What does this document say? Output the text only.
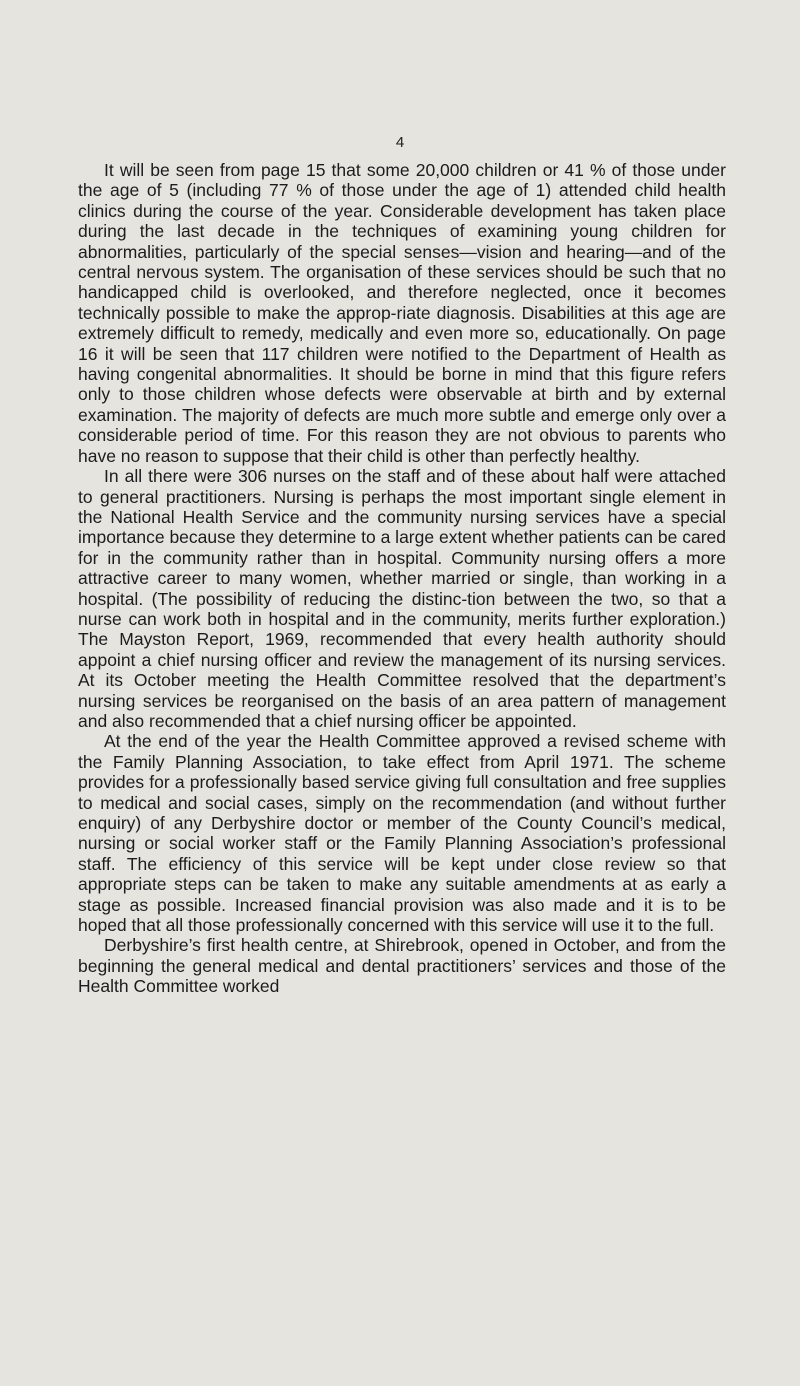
4

It will be seen from page 15 that some 20,000 children or 41 % of those under the age of 5 (including 77 % of those under the age of 1) attended child health clinics during the course of the year. Considerable development has taken place during the last decade in the techniques of examining young children for abnormalities, particularly of the special senses—vision and hearing—and of the central nervous system. The organisation of these services should be such that no handicapped child is overlooked, and therefore neglected, once it becomes technically possible to make the approp-riate diagnosis. Disabilities at this age are extremely difficult to remedy, medically and even more so, educationally. On page 16 it will be seen that 117 children were notified to the Department of Health as having congenital abnormalities. It should be borne in mind that this figure refers only to those children whose defects were observable at birth and by external examination. The majority of defects are much more subtle and emerge only over a considerable period of time. For this reason they are not obvious to parents who have no reason to suppose that their child is other than perfectly healthy.

In all there were 306 nurses on the staff and of these about half were attached to general practitioners. Nursing is perhaps the most important single element in the National Health Service and the community nursing services have a special importance because they determine to a large extent whether patients can be cared for in the community rather than in hospital. Community nursing offers a more attractive career to many women, whether married or single, than working in a hospital. (The possibility of reducing the distinc-tion between the two, so that a nurse can work both in hospital and in the community, merits further exploration.) The Mayston Report, 1969, recommended that every health authority should appoint a chief nursing officer and review the management of its nursing services. At its October meeting the Health Committee resolved that the department’s nursing services be reorganised on the basis of an area pattern of management and also recommended that a chief nursing officer be appointed.

At the end of the year the Health Committee approved a revised scheme with the Family Planning Association, to take effect from April 1971. The scheme provides for a professionally based service giving full consultation and free supplies to medical and social cases, simply on the recommendation (and without further enquiry) of any Derbyshire doctor or member of the County Council’s medical, nursing or social worker staff or the Family Planning Association’s professional staff. The efficiency of this service will be kept under close review so that appropriate steps can be taken to make any suitable amendments at as early a stage as possible. Increased financial provision was also made and it is to be hoped that all those professionally concerned with this service will use it to the full.

Derbyshire’s first health centre, at Shirebrook, opened in October, and from the beginning the general medical and dental practitioners’ services and those of the Health Committee worked
